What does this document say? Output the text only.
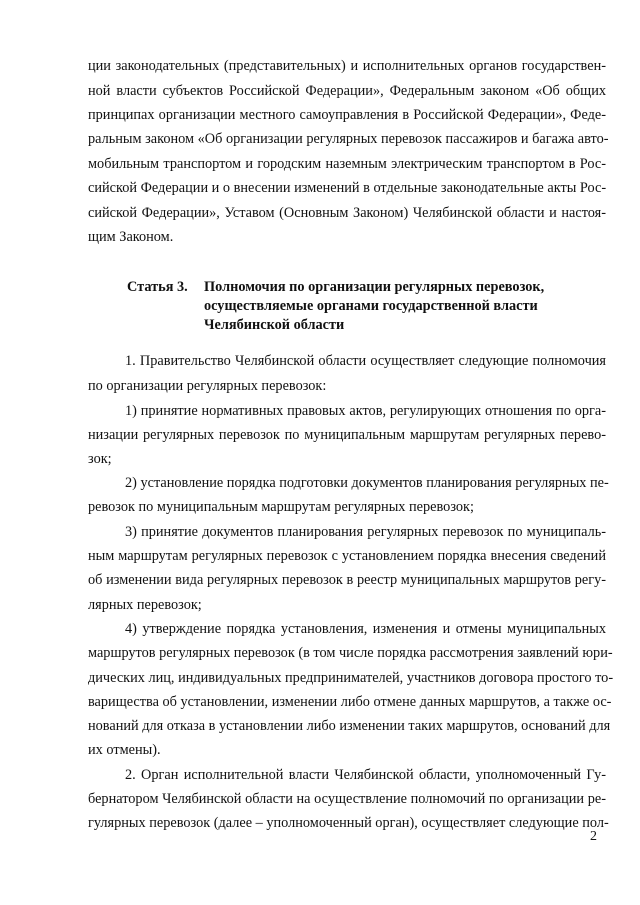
ции законодательных (представительных) и исполнительных органов государствен-

ной власти субъектов Российской Федерации», Федеральным законом «Об общих

принципах организации местного самоуправления в Российской Федерации», Феде-

ральным законом «Об организации регулярных перевозок пассажиров и багажа авто-

мобильным транспортом и городским наземным электрическим транспортом в Рос-

сийской Федерации и о внесении изменений в отдельные законодательные акты Рос-

сийской Федерации», Уставом (Основным Законом) Челябинской области и настоя-

щим Законом.

Статья 3. Полномочия по организации регулярных перевозок,

осуществляемые органами государственной власти

Челябинской области

1. Правительство Челябинской области осуществляет следующие полномочия

по организации регулярных перевозок:

1) принятие нормативных правовых актов, регулирующих отношения по орга-

низации регулярных перевозок по муниципальным маршрутам регулярных перево-

зок;

2) установление порядка подготовки документов планирования регулярных пе-

ревозок по муниципальным маршрутам регулярных перевозок;

3) принятие документов планирования регулярных перевозок по муниципаль-

ным маршрутам регулярных перевозок с установлением порядка внесения сведений

об изменении вида регулярных перевозок в реестр муниципальных маршрутов регу-

лярных перевозок;

4) утверждение порядка установления, изменения и отмены муниципальных

маршрутов регулярных перевозок (в том числе порядка рассмотрения заявлений юри-

дических лиц, индивидуальных предпринимателей, участников договора простого то-

варищества об установлении, изменении либо отмене данных маршрутов, а также ос-

нований для отказа в установлении либо изменении таких маршрутов, оснований для

их отмены).

2. Орган исполнительной власти Челябинской области, уполномоченный Гу-

бернатором Челябинской области на осуществление полномочий по организации ре-

гулярных перевозок (далее – уполномоченный орган), осуществляет следующие пол-

2
